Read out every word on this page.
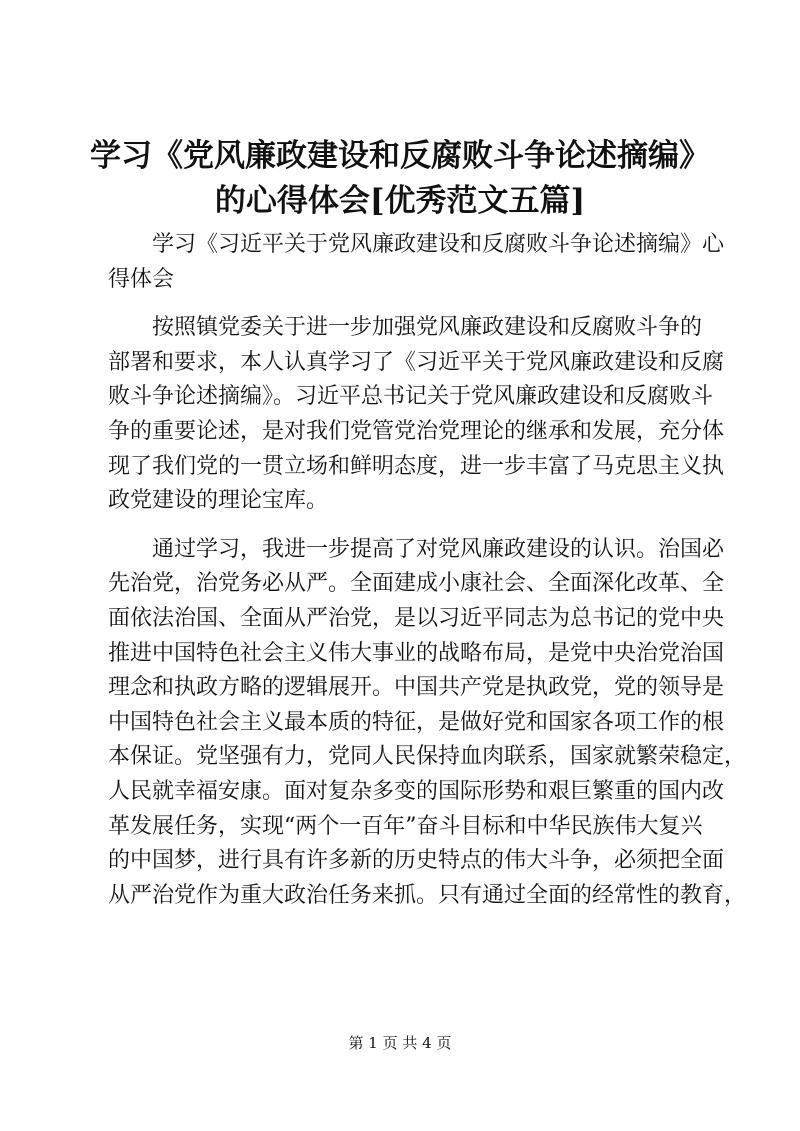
学习《党风廉政建设和反腐败斗争论述摘编》
的心得体会[优秀范文五篇]

学习《习近平关于党风廉政建设和反腐败斗争论述摘编》心
得体会

按照镇党委关于进一步加强党风廉政建设和反腐败斗争的
部署和要求，本人认真学习了《习近平关于党风廉政建设和反腐
败斗争论述摘编》。习近平总书记关于党风廉政建设和反腐败斗
争的重要论述，是对我们党管党治党理论的继承和发展，充分体
现了我们党的一贯立场和鲜明态度，进一步丰富了马克思主义执
政党建设的理论宝库。

通过学习，我进一步提高了对党风廉政建设的认识。治国必
先治党，治党务必从严。全面建成小康社会、全面深化改革、全
面依法治国、全面从严治党，是以习近平同志为总书记的党中央
推进中国特色社会主义伟大事业的战略布局，是党中央治党治国
理念和执政方略的逻辑展开。中国共产党是执政党，党的领导是
中国特色社会主义最本质的特征，是做好党和国家各项工作的根
本保证。党坚强有力，党同人民保持血肉联系，国家就繁荣稳定，
人民就幸福安康。面对复杂多变的国际形势和艰巨繁重的国内改
革发展任务，实现“两个一百年”奋斗目标和中华民族伟大复兴
的中国梦，进行具有许多新的历史特点的伟大斗争，必须把全面
从严治党作为重大政治任务来抓。只有通过全面的经常性的教育，

第 1 页 共 4 页
